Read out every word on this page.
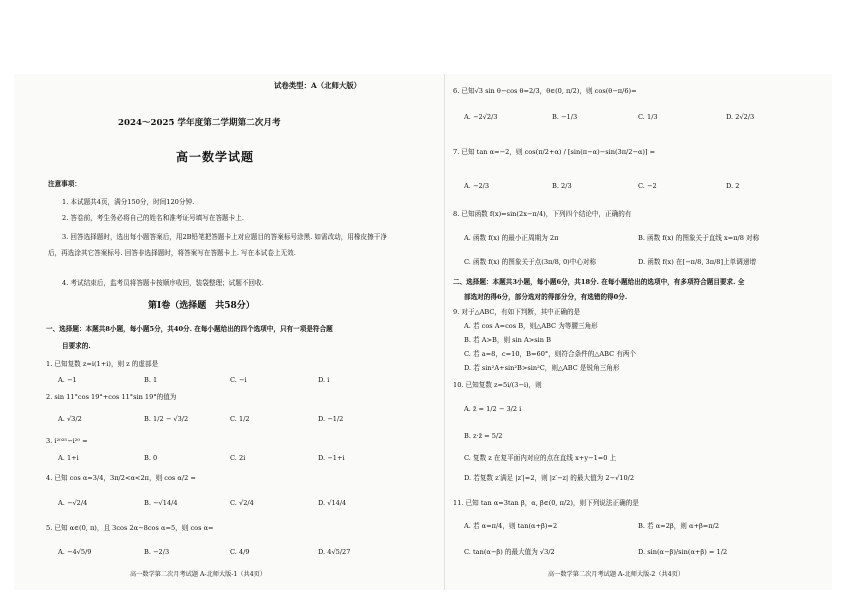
试卷类型：A（北师大版）
2024～2025 学年度第二学期第二次月考
高一数学试题
注意事项：
1. 本试题共4页，满分150分，时间120分钟.
2. 答卷前，考生务必将自己的姓名和准考证号填写在答题卡上.
3. 回答选择题时，选出每小题答案后，用2B铅笔把答题卡上对应题目的答案标号涂黑. 如需改动，用橡皮擦干净后，再选涂其它答案标号. 回答非选择题时，将答案写在答题卡上. 写在本试卷上无效.
4. 考试结束后，监考员将答题卡按顺序收回，装袋整理；试题不回收.
第Ⅰ卷（选择题　共58分）
一、选择题：本题共8小题，每小题5分，共40分. 在每小题给出的四个选项中，只有一项是符合题
目要求的.
1. 已知复数 z=i(1+i)，则 z 的虚部是
A. −1	B. 1	C. −i	D. i
2. sin 11°cos 19°+cos 11°sin 19°的值为
A. √3/2	B. 1/2 − √3/2	C. 1/2	D. −1/2
3. i²⁰²⁵−i²⁰ =
A. 1+i	B. 0	C. 2i	D. −1+i
4. 已知 cos α=3/4，3π/2<α<2π，则 cos α/2 =
A. −√2/4	B. −√14/4	C. √2/4	D. √14/4
5. 已知 α∈(0, π)，且 3cos 2α−8cos α=5，则 cos α=
A. −4√5/9	B. −2/3	C. 4/9	D. 4√5/27
高一数学第二次月考试题 A-北师大版-1（共4页）
6. 已知√3 sin θ−cos θ=2/3，θ∈(0, π/2)，则 cos(θ−π/6)=
A. −2√2/3	B. −1/3	C. 1/3	D. 2√2/3
7. 已知 tan α=−2，则 cos(π/2+α) / [sin(π−α)−sin(3π/2−α)] =
A. −2/3	B. 2/3	C. −2	D. 2
8. 已知函数 f(x)=sin(2x−π/4)，下列四个结论中，正确的有
A. 函数 f(x) 的最小正周期为 2π	B. 函数 f(x) 的图象关于直线 x=π/8 对称
C. 函数 f(x) 的图象关于点(3π/8, 0)中心对称	D. 函数 f(x) 在[−π/8, 3π/8]上单调递增
二、选择题：本题共3小题，每小题6分，共18分. 在每小题给出的选项中，有多项符合题目要求. 全
部选对的得6分，部分选对的得部分分，有选错的得0分.
9. 对于△ABC，有如下判断，其中正确的是
A. 若 cos A=cos B，则△ABC 为等腰三角形
B. 若 A>B，则 sin A>sin B
C. 若 a=8，c=10，B=60°，则符合条件的△ABC 有两个
D. 若 sin²A+sin²B>sin²C，则△ABC 是锐角三角形
10. 已知复数 z=5i/(3−i)，则
A. z̄ = 1/2 − 3/2 i
B. z·z̄ = 5/2
C. 复数 z 在复平面内对应的点在直线 x+y−1=0 上
D. 若复数 z′满足 |z′|=2，则 |z′−z| 的最大值为 2−√10/2
11. 已知 tan α=3tan β，α, β∈(0, π/2)，则下列说法正确的是
A. 若 α=π/4，则 tan(α+β)=2	B. 若 α=2β，则 α+β=π/2
C. tan(α−β) 的最大值为 √3/2	D. sin(α−β)/sin(α+β) = 1/2
高一数学第二次月考试题 A-北师大版-2（共4页）
